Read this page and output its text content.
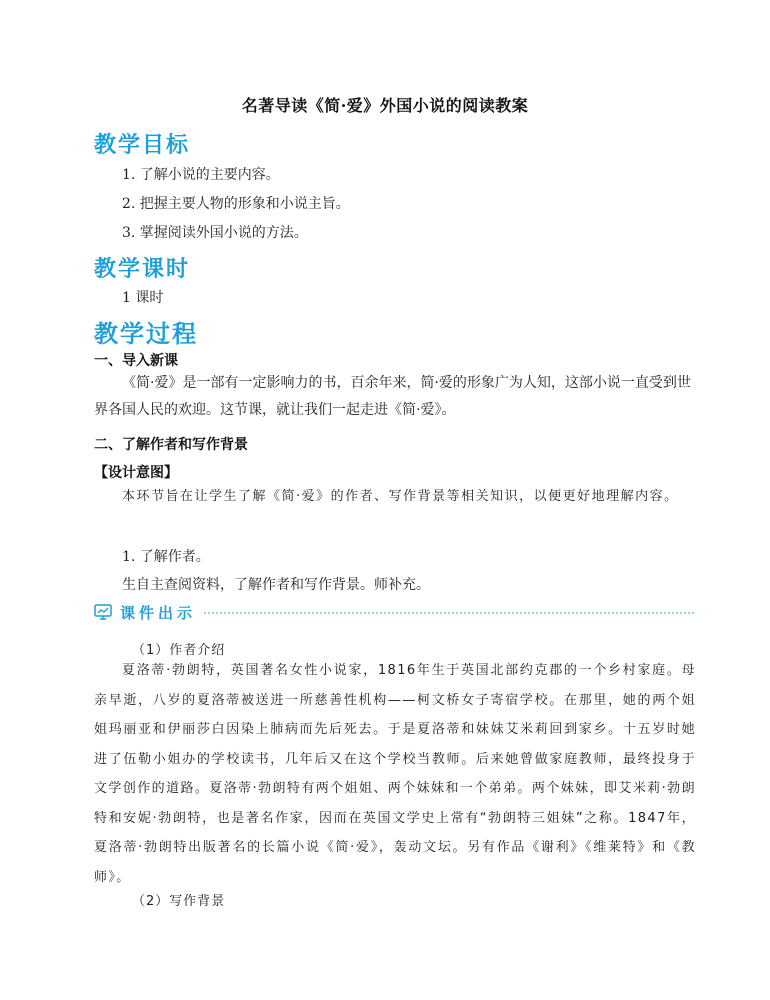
名著导读《简·爱》外国小说的阅读教案
教学目标
1. 了解小说的主要内容。
2. 把握主要人物的形象和小说主旨。
3. 掌握阅读外国小说的方法。
教学课时
1 课时
教学过程
一、导入新课

《简·爱》是一部有一定影响力的书，百余年来，简·爱的形象广为人知，这部小说一直受到世界各国人民的欢迎。这节课，就让我们一起走进《简·爱》。

二、了解作者和写作背景
【设计意图】

本环节旨在让学生了解《简·爱》的作者、写作背景等相关知识，以便更好地理解内容。

1. 了解作者。
生自主查阅资料，了解作者和写作背景。师补充。
课件出示
（1）作者介绍

夏洛蒂·勃朗特，英国著名女性小说家，1816年生于英国北部约克郡的一个乡村家庭。母亲早逝，八岁的夏洛蒂被送进一所慈善性机构——柯文桥女子寄宿学校。在那里，她的两个姐姐玛丽亚和伊丽莎白因染上肺病而先后死去。于是夏洛蒂和妹妹艾米莉回到家乡。十五岁时她进了伍勒小姐办的学校读书，几年后又在这个学校当教师。后来她曾做家庭教师，最终投身于文学创作的道路。夏洛蒂·勃朗特有两个姐姐、两个妹妹和一个弟弟。两个妹妹，即艾米莉·勃朗特和安妮·勃朗特，也是著名作家，因而在英国文学史上常有“勃朗特三姐妹”之称。1847年，夏洛蒂·勃朗特出版著名的长篇小说《简·爱》，轰动文坛。另有作品《谢利》《维莱特》和《教师》。

（2）写作背景
